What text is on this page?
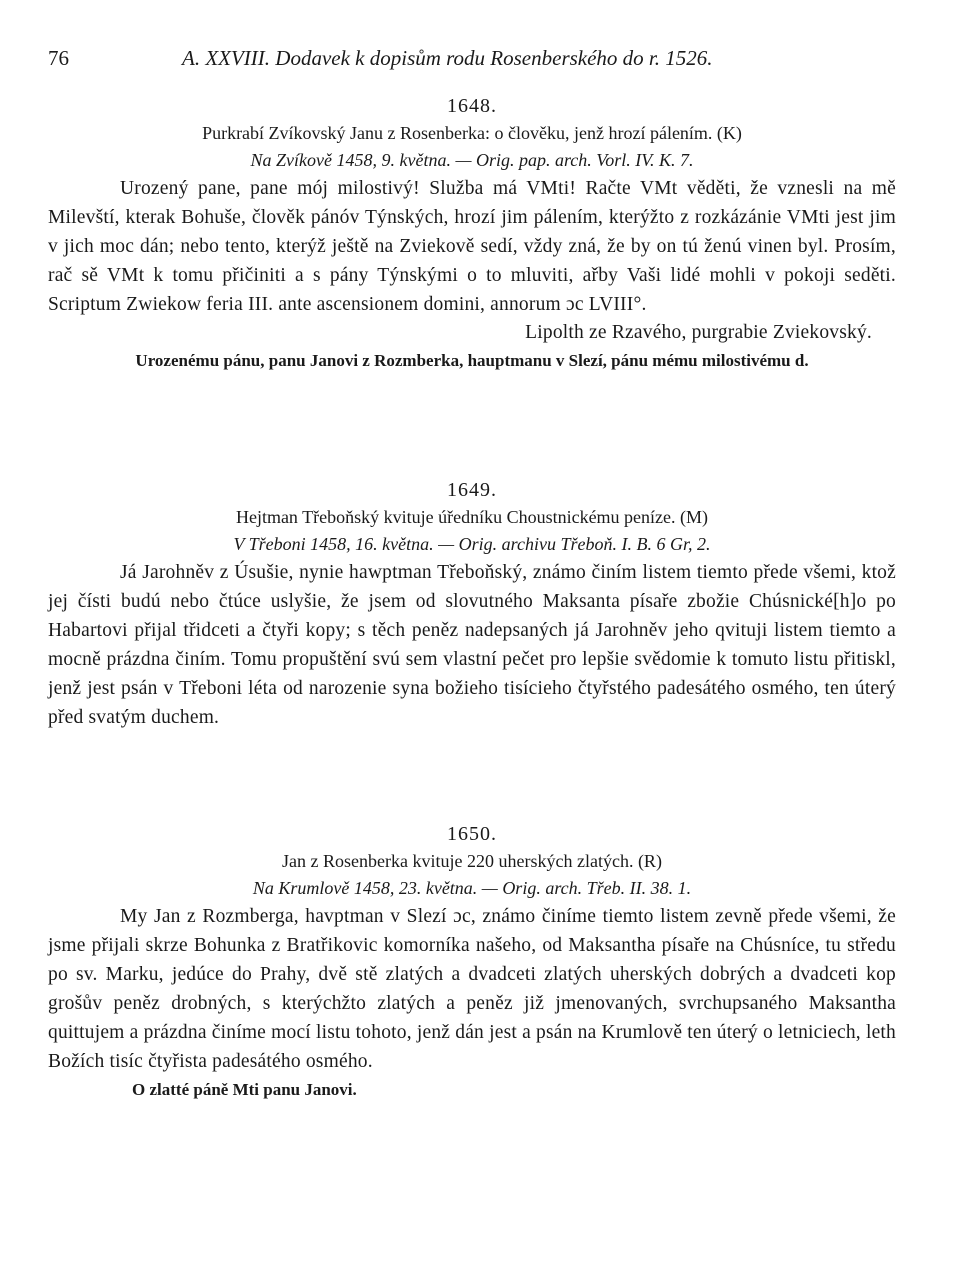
76	A. XXVIII. Dodavek k dopisům rodu Rosenberského do r. 1526.
1648.
Purkrabí Zvíkovský Janu z Rosenberka: o člověku, jenž hrozí pálením. (K)
Na Zvíkově 1458, 9. května. — Orig. pap. arch. Vorl. IV. K. 7.

Urozený pane, pane mój milostivý! Služba má VMti! Račte VMt věděti, že vznesli na mě Milevští, kterak Bohuše, člověk pánóv Týnských, hrozí jim pálením, kterýžto z rozkázánie VMti jest jim v jich moc dán; nebo tento, kterýž ještě na Zviekově sedí, vždy zná, že by on tú ženú vinen byl. Prosím, rač sě VMt k tomu přičiniti a s pány Týnskými o to mluviti, ařby Vaši lidé mohli v pokoji seděti. Scriptum Zwiekow feria III. ante ascensionem domini, annorum ɔc LVIII°.

Lipolth ze Rzavého, purgrabie Zviekovský.
Urozenému pánu, panu Janovi z Rozmberka, hauptmanu v Slezí, pánu mému milostivému d.
1649.
Hejtman Třeboňský kvituje úředníku Choustnickému peníze. (M)
V Třeboni 1458, 16. května. — Orig. archivu Třeboň. I. B. 6 Gr, 2.

Já Jarohněv z Úsušie, nynie hawptman Třeboňský, známo činím listem tiemto přede všemi, ktož jej čísti budú nebo čtúce uslyšie, že jsem od slovutného Maksanta písaře zbožie Chúsnické[h]o po Habartovi přijal třidceti a čtyři kopy; s těch peněz nadepsaných já Jarohněv jeho qvituji listem tiemto a mocně prázdna činím. Tomu propuštění svú sem vlastní pečet pro lepšie svědomie k tomuto listu přitiskl, jenž jest psán v Třeboni léta od narozenie syna božieho tisícieho čtyřstého padesátého osmého, ten úterý před svatým duchem.

1650.
Jan z Rosenberka kvituje 220 uherských zlatých. (R)
Na Krumlově 1458, 23. května. — Orig. arch. Třeb. II. 38. 1.

My Jan z Rozmberga, havptman v Slezí ɔc, známo činíme tiemto listem zevně přede všemi, že jsme přijali skrze Bohunka z Bratřikovic komorníka našeho, od Maksantha písaře na Chúsníce, tu středu po sv. Marku, jedúce do Prahy, dvě stě zlatých a dvadceti zlatých uherských dobrých a dvadceti kop grošův peněz drobných, s kterýchžto zlatých a peněz již jmenovaných, svrchupsaného Maksantha quittujem a prázdna činíme mocí listu tohoto, jenž dán jest a psán na Krumlově ten úterý o letniciech, leth Božích tisíc čtyřista padesátého osmého.

O zlatté páně Mti panu Janovi.
